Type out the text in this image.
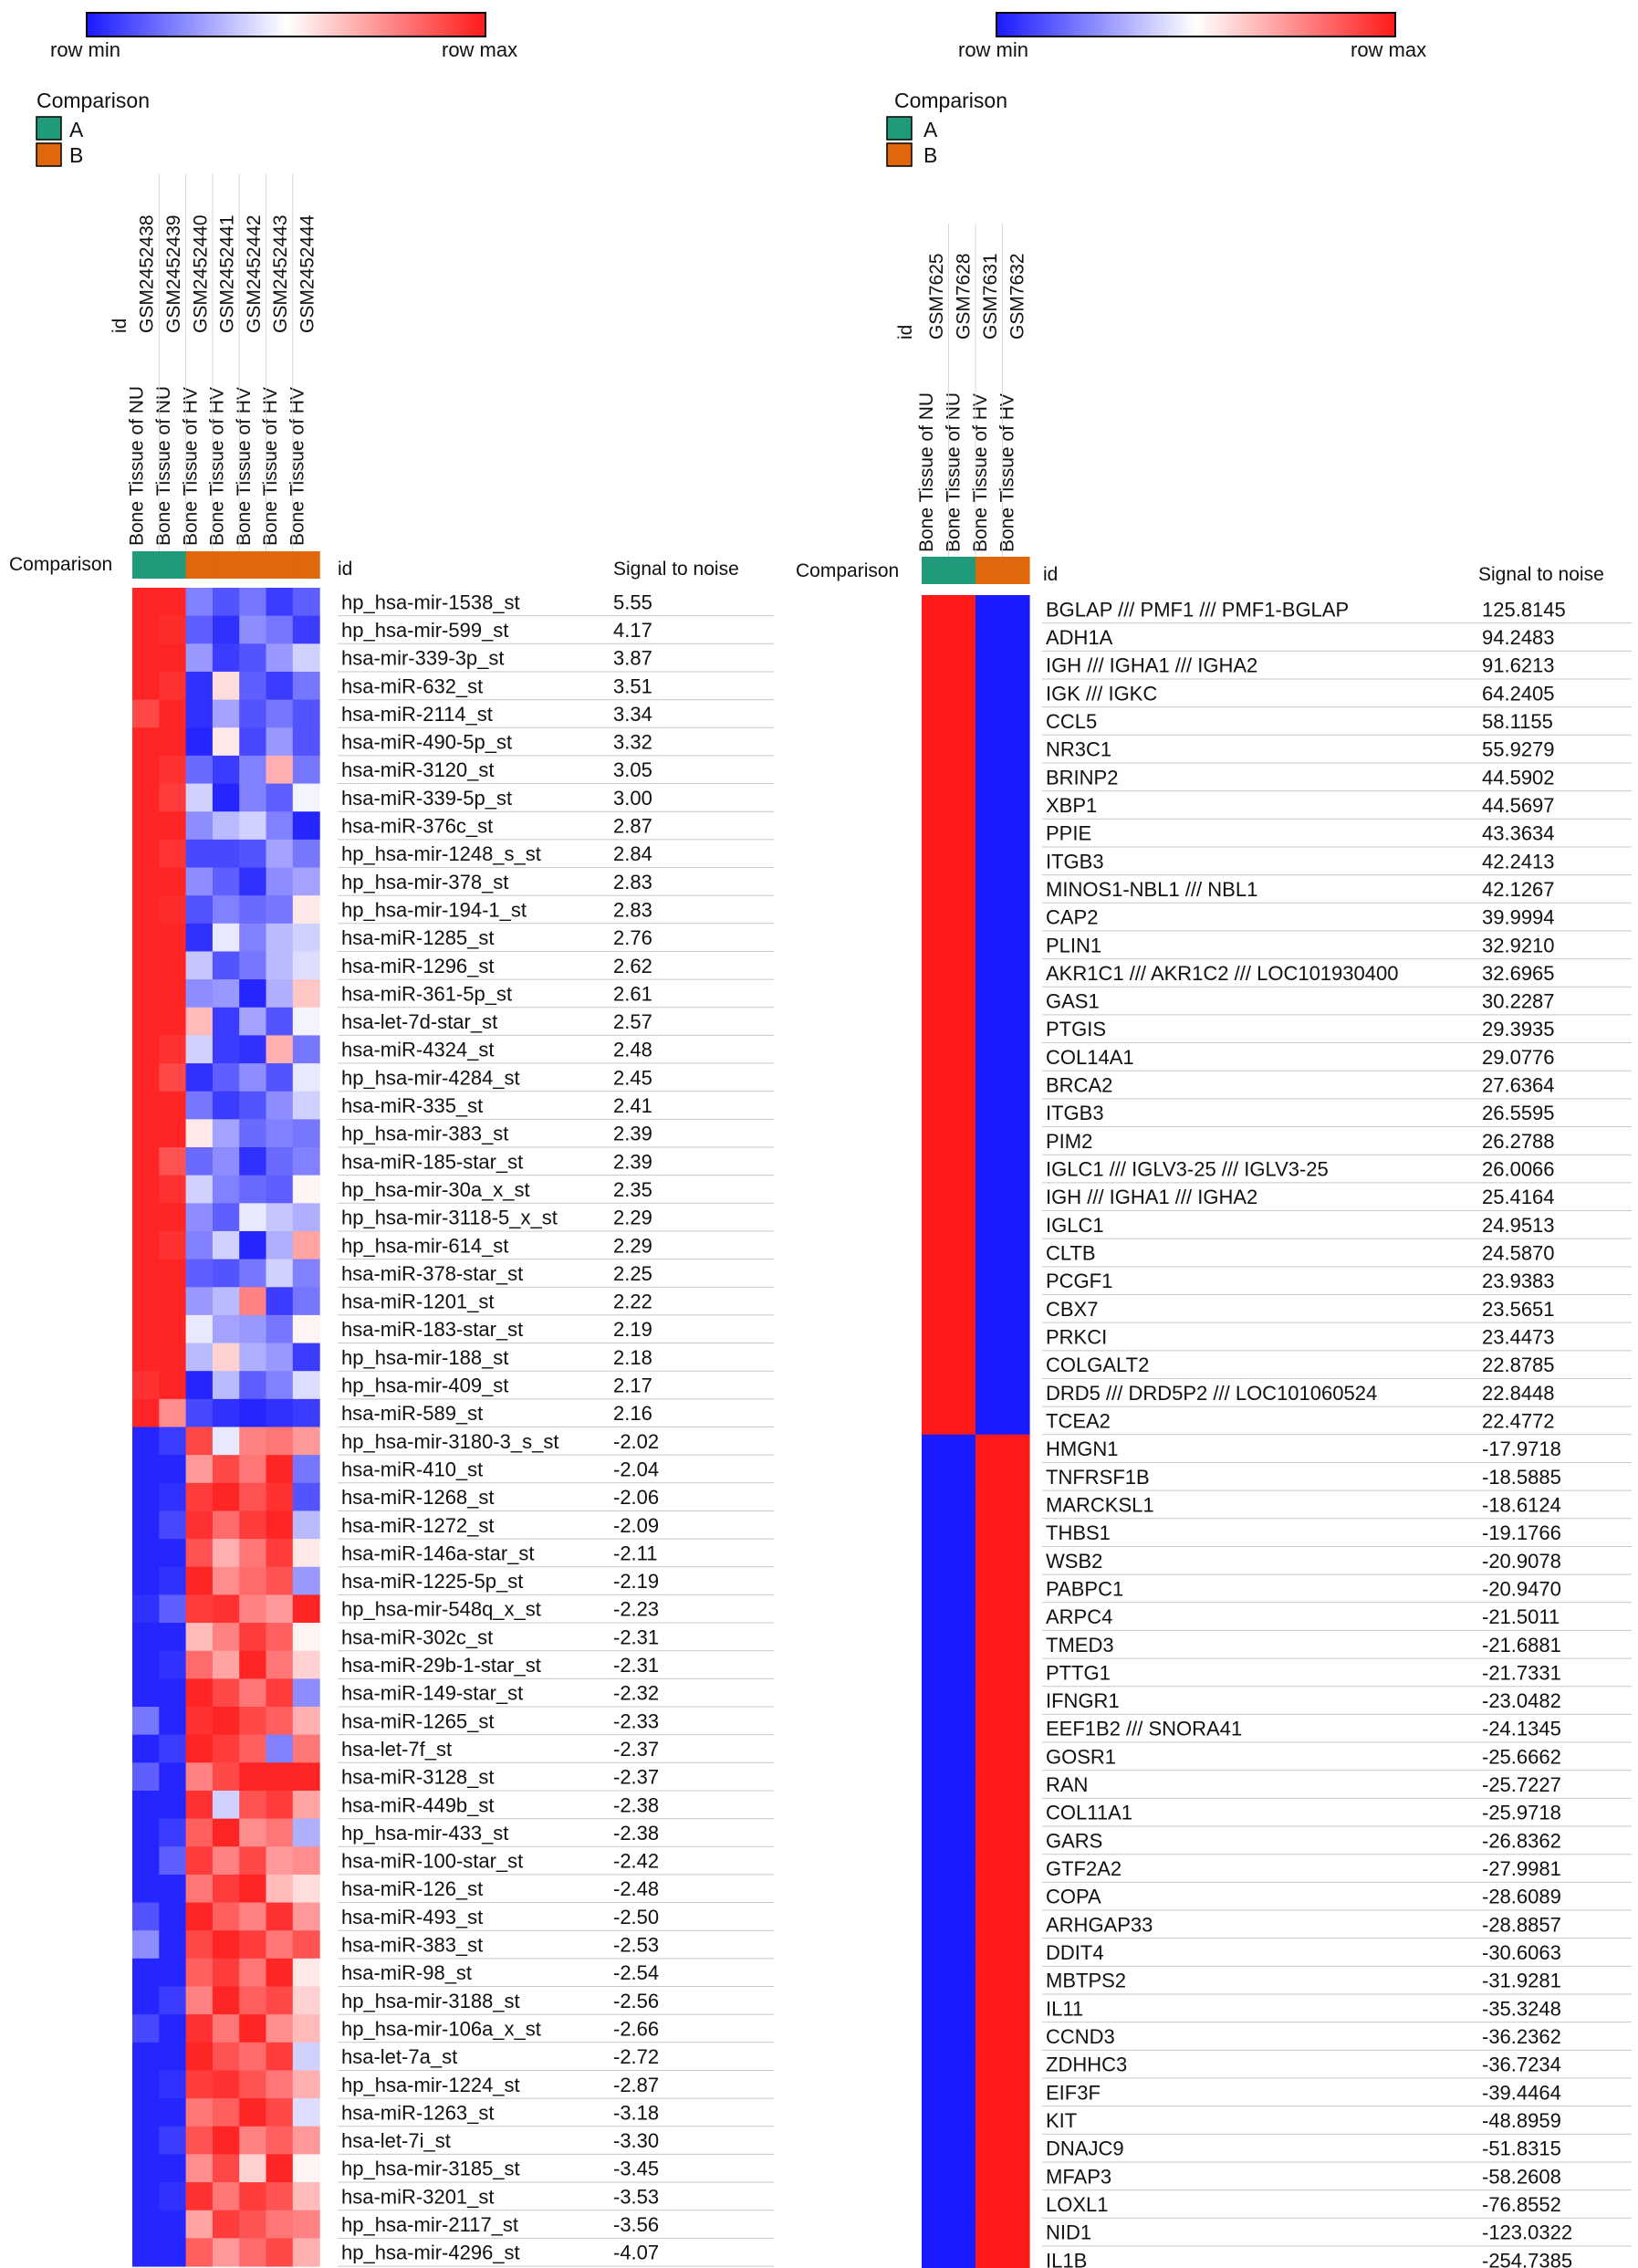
row min	row max
Comparison
A
B
id
Bone Tissue of NU
GSM2452438
Bone Tissue of NU
GSM2452439
Bone Tissue of HV
GSM2452440
Bone Tissue of HV
GSM2452441
Bone Tissue of HV
GSM2452442
Bone Tissue of HV
GSM2452443
Bone Tissue of HV
GSM2452444
Comparison	id	Signal to noise
hp_hsa-mir-1538_st	5.55
hp_hsa-mir-599_st	4.17
hsa-mir-339-3p_st	3.87
hsa-miR-632_st	3.51
hsa-miR-2114_st	3.34
hsa-miR-490-5p_st	3.32
hsa-miR-3120_st	3.05
hsa-miR-339-5p_st	3.00
hsa-miR-376c_st	2.87
hp_hsa-mir-1248_s_st	2.84
hp_hsa-mir-378_st	2.83
hp_hsa-mir-194-1_st	2.83
hsa-miR-1285_st	2.76
hsa-miR-1296_st	2.62
hsa-miR-361-5p_st	2.61
hsa-let-7d-star_st	2.57
hsa-miR-4324_st	2.48
hp_hsa-mir-4284_st	2.45
hsa-miR-335_st	2.41
hp_hsa-mir-383_st	2.39
hsa-miR-185-star_st	2.39
hp_hsa-mir-30a_x_st	2.35
hp_hsa-mir-3118-5_x_st	2.29
hp_hsa-mir-614_st	2.29
hsa-miR-378-star_st	2.25
hsa-miR-1201_st	2.22
hsa-miR-183-star_st	2.19
hp_hsa-mir-188_st	2.18
hp_hsa-mir-409_st	2.17
hsa-miR-589_st	2.16
hp_hsa-mir-3180-3_s_st	-2.02
hsa-miR-410_st	-2.04
hsa-miR-1268_st	-2.06
hsa-miR-1272_st	-2.09
hsa-miR-146a-star_st	-2.11
hsa-miR-1225-5p_st	-2.19
hp_hsa-mir-548q_x_st	-2.23
hsa-miR-302c_st	-2.31
hsa-miR-29b-1-star_st	-2.31
hsa-miR-149-star_st	-2.32
hsa-miR-1265_st	-2.33
hsa-let-7f_st	-2.37
hsa-miR-3128_st	-2.37
hsa-miR-449b_st	-2.38
hp_hsa-mir-433_st	-2.38
hsa-miR-100-star_st	-2.42
hsa-miR-126_st	-2.48
hsa-miR-493_st	-2.50
hsa-miR-383_st	-2.53
hsa-miR-98_st	-2.54
hp_hsa-mir-3188_st	-2.56
hp_hsa-mir-106a_x_st	-2.66
hsa-let-7a_st	-2.72
hp_hsa-mir-1224_st	-2.87
hsa-miR-1263_st	-3.18
hsa-let-7i_st	-3.30
hp_hsa-mir-3185_st	-3.45
hsa-miR-3201_st	-3.53
hp_hsa-mir-2117_st	-3.56
hp_hsa-mir-4296_st	-4.07
row min	row max
Comparison
A
B
id
Bone Tissue of NU
GSM7625
Bone Tissue of NU
GSM7628
Bone Tissue of HV
GSM7631
Bone Tissue of HV
GSM7632
Comparison	id	Signal to noise
BGLAP /// PMF1 /// PMF1-BGLAP	125.8145
ADH1A	94.2483
IGH /// IGHA1 /// IGHA2	91.6213
IGK /// IGKC	64.2405
CCL5	58.1155
NR3C1	55.9279
BRINP2	44.5902
XBP1	44.5697
PPIE	43.3634
ITGB3	42.2413
MINOS1-NBL1 /// NBL1	42.1267
CAP2	39.9994
PLIN1	32.9210
AKR1C1 /// AKR1C2 /// LOC101930400	32.6965
GAS1	30.2287
PTGIS	29.3935
COL14A1	29.0776
BRCA2	27.6364
ITGB3	26.5595
PIM2	26.2788
IGLC1 /// IGLV3-25 /// IGLV3-25	26.0066
IGH /// IGHA1 /// IGHA2	25.4164
IGLC1	24.9513
CLTB	24.5870
PCGF1	23.9383
CBX7	23.5651
PRKCI	23.4473
COLGALT2	22.8785
DRD5 /// DRD5P2 /// LOC101060524	22.8448
TCEA2	22.4772
HMGN1	-17.9718
TNFRSF1B	-18.5885
MARCKSL1	-18.6124
THBS1	-19.1766
WSB2	-20.9078
PABPC1	-20.9470
ARPC4	-21.5011
TMED3	-21.6881
PTTG1	-21.7331
IFNGR1	-23.0482
EEF1B2 /// SNORA41	-24.1345
GOSR1	-25.6662
RAN	-25.7227
COL11A1	-25.9718
GARS	-26.8362
GTF2A2	-27.9981
COPA	-28.6089
ARHGAP33	-28.8857
DDIT4	-30.6063
MBTPS2	-31.9281
IL11	-35.3248
CCND3	-36.2362
ZDHHC3	-36.7234
EIF3F	-39.4464
KIT	-48.8959
DNAJC9	-51.8315
MFAP3	-58.2608
LOXL1	-76.8552
NID1	-123.0322
IL1B	-254.7385
